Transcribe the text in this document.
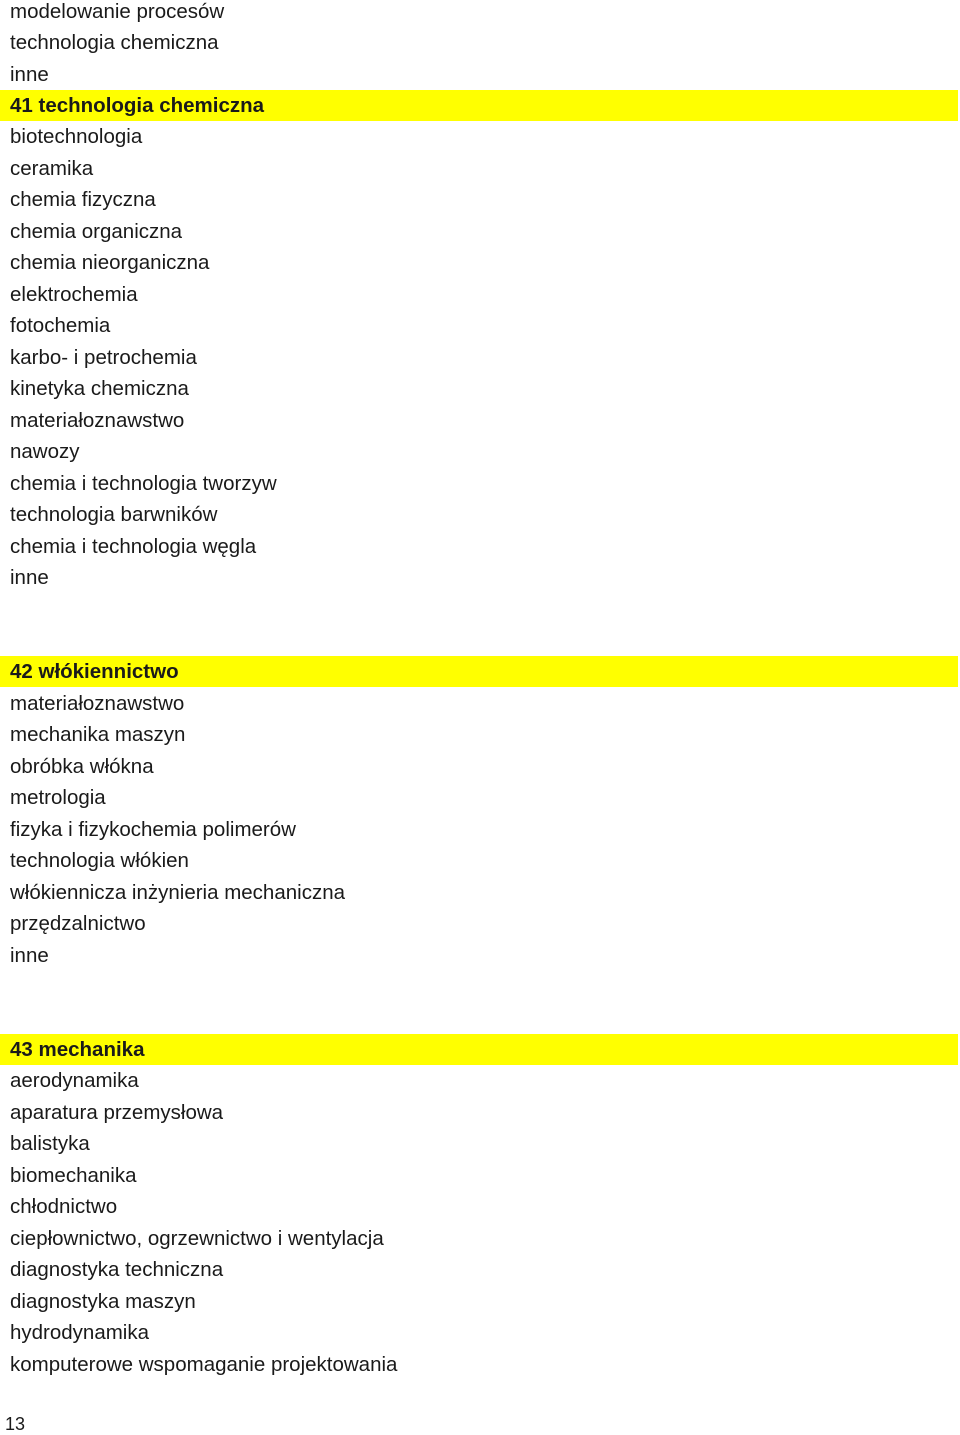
modelowanie procesów
technologia chemiczna
inne
41 technologia chemiczna
biotechnologia
ceramika
chemia fizyczna
chemia organiczna
chemia nieorganiczna
elektrochemia
fotochemia
karbo- i petrochemia
kinetyka chemiczna
materiałoznawstwo
nawozy
chemia i technologia tworzyw
technologia barwników
chemia i technologia węgla
inne
42 włókiennictwo
materiałoznawstwo
mechanika maszyn
obróbka włókna
metrologia
fizyka i fizykochemia polimerów
technologia włókien
włókiennicza inżynieria mechaniczna
przędzalnictwo
inne
43 mechanika
aerodynamika
aparatura przemysłowa
balistyka
biomechanika
chłodnictwo
ciepłownictwo, ogrzewnictwo i wentylacja
diagnostyka techniczna
diagnostyka maszyn
hydrodynamika
komputerowe wspomaganie projektowania
13
